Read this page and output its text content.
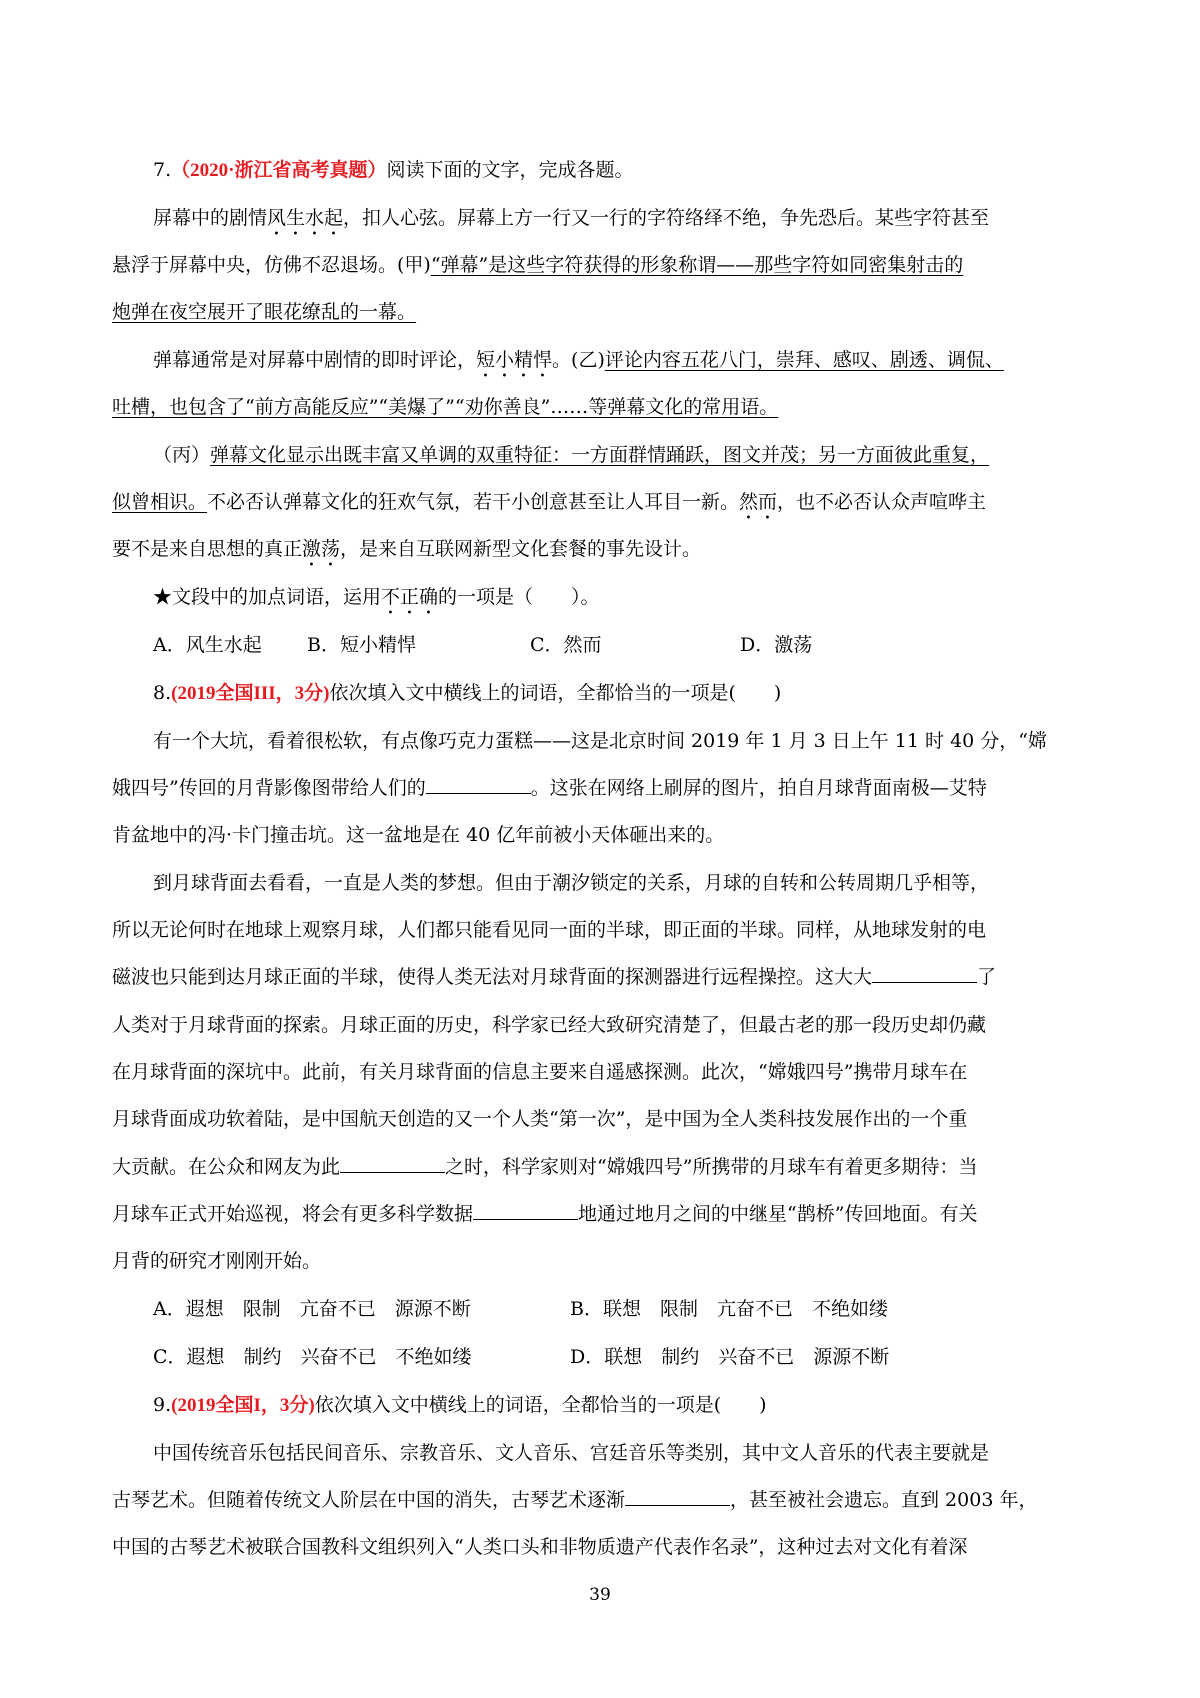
7.（2020·浙江省高考真题）阅读下面的文字，完成各题。
屏幕中的剧情风生水起，扣人心弦。屏幕上方一行又一行的字符络绎不绝，争先恐后。某些字符甚至
悬浮于屏幕中央，仿佛不忍退场。(甲)“弹幕”是这些字符获得的形象称谓——那些字符如同密集射击的
炮弹在夜空展开了眼花缭乱的一幕。
弹幕通常是对屏幕中剧情的即时评论，短小精悍。(乙)评论内容五花八门，崇拜、感叹、剧透、调侃、
吐槽，也包含了“前方高能反应”“美爆了”“劝你善良”……等弹幕文化的常用语。
（丙）弹幕文化显示出既丰富又单调的双重特征：一方面群情踊跃，图文并茂；另一方面彼此重复，
似曾相识。不必否认弹幕文化的狂欢气氛，若干小创意甚至让人耳目一新。然而，也不必否认众声喧哗主
要不是来自思想的真正激荡，是来自互联网新型文化套餐的事先设计。
★文段中的加点词语，运用不正确的一项是（　　）。
A．风生水起 B．短小精悍	C．然而	D．激荡
8.(2019全国III，3分)依次填入文中横线上的词语，全都恰当的一项是(　　)
有一个大坑，看着很松软，有点像巧克力蛋糕——这是北京时间 2019 年 1 月 3 日上午 11 时 40 分，“嫦
娥四号”传回的月背影像图带给人们的	。这张在网络上刷屏的图片，拍自月球背面南极—艾特
肯盆地中的冯·卡门撞击坑。这一盆地是在 40 亿年前被小天体砸出来的。
到月球背面去看看，一直是人类的梦想。但由于潮汐锁定的关系，月球的自转和公转周期几乎相等，
所以无论何时在地球上观察月球，人们都只能看见同一面的半球，即正面的半球。同样，从地球发射的电
磁波也只能到达月球正面的半球，使得人类无法对月球背面的探测器进行远程操控。这大大	了
人类对于月球背面的探索。月球正面的历史，科学家已经大致研究清楚了，但最古老的那一段历史却仍藏
在月球背面的深坑中。此前，有关月球背面的信息主要来自遥感探测。此次，“嫦娥四号”携带月球车在
月球背面成功软着陆，是中国航天创造的又一个人类“第一次”，是中国为全人类科技发展作出的一个重
大贡献。在公众和网友为此	之时，科学家则对“嫦娥四号”所携带的月球车有着更多期待：当
月球车正式开始巡视，将会有更多科学数据	地通过地月之间的中继星“鹊桥”传回地面。有关
月背的研究才刚刚开始。
A．遐想　限制　亢奋不已　源源不断	B．联想　限制　亢奋不已　不绝如缕
C．遐想　制约　兴奋不已　不绝如缕	D．联想　制约　兴奋不已　源源不断
9.(2019全国I，3分)依次填入文中横线上的词语，全都恰当的一项是(　　)
中国传统音乐包括民间音乐、宗教音乐、文人音乐、宫廷音乐等类别，其中文人音乐的代表主要就是
古琴艺术。但随着传统文人阶层在中国的消失，古琴艺术逐渐	，甚至被社会遗忘。直到 2003 年，
中国的古琴艺术被联合国教科文组织列入“人类口头和非物质遗产代表作名录”，这种过去对文化有着深
39
